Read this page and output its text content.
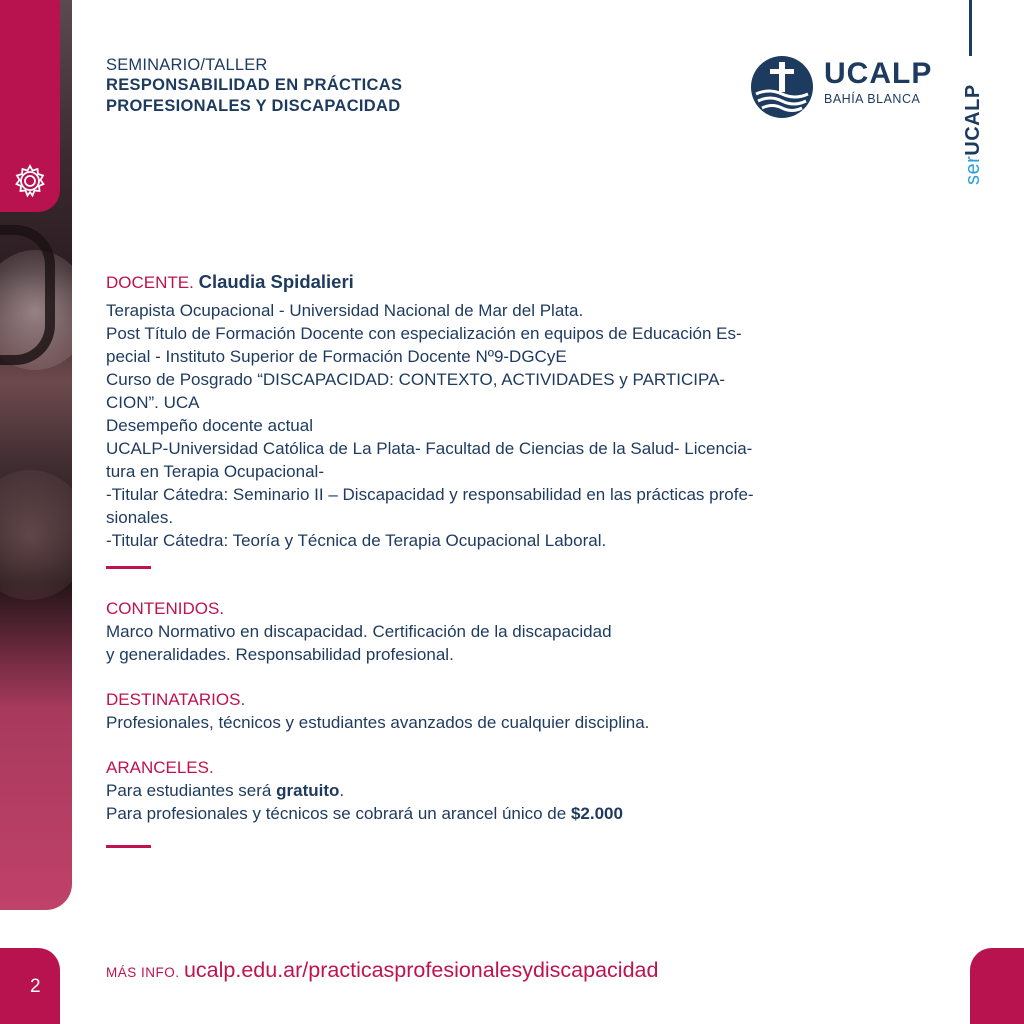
SEMINARIO/TALLER
RESPONSABILIDAD EN PRÁCTICAS
PROFESIONALES Y DISCAPACIDAD
UCALP
BAHÍA BLANCA
serUCALP
DOCENTE. Claudia Spidalieri

Terapista Ocupacional - Universidad Nacional de Mar del Plata.

Post Título de Formación Docente con especialización en equipos de Educación Es-

pecial - Instituto Superior de Formación Docente Nº9-DGCyE

Curso de Posgrado “DISCAPACIDAD: CONTEXTO, ACTIVIDADES y PARTICIPA-

CION”. UCA

Desempeño docente actual

UCALP-Universidad Católica de La Plata- Facultad de Ciencias de la Salud- Licencia-

tura en Terapia Ocupacional-

-Titular Cátedra: Seminario II – Discapacidad y responsabilidad en las prácticas profe-

sionales.

-Titular Cátedra: Teoría y Técnica de Terapia Ocupacional Laboral.

CONTENIDOS.

Marco Normativo en discapacidad. Certificación de la discapacidad

y generalidades. Responsabilidad profesional.

DESTINATARIOS.

Profesionales, técnicos y estudiantes avanzados de cualquier disciplina.

ARANCELES.

Para estudiantes será gratuito.

Para profesionales y técnicos se cobrará un arancel único de $2.000

2
MÁS INFO. ucalp.edu.ar/practicasprofesionalesydiscapacidad
